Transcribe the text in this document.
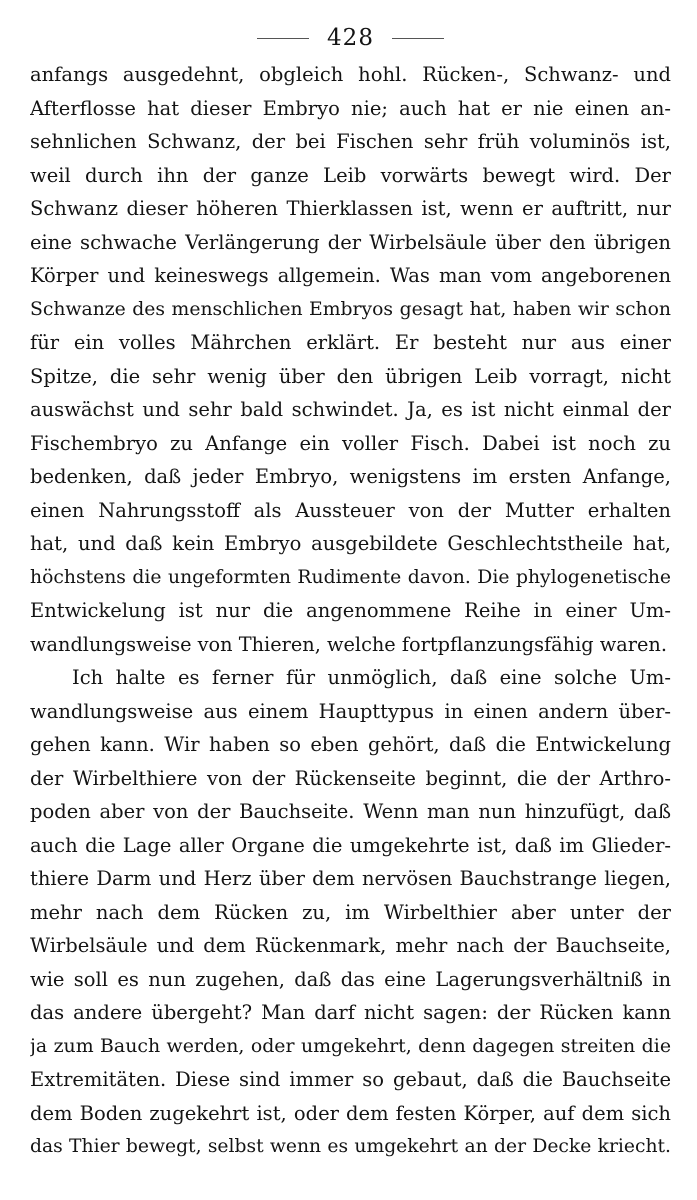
428
anfangs ausgedehnt, obgleich hohl. Rücken-, Schwanz- und
Afterflosse hat dieser Embryo nie; auch hat er nie einen an-
sehnlichen Schwanz, der bei Fischen sehr früh voluminös ist,
weil durch ihn der ganze Leib vorwärts bewegt wird. Der
Schwanz dieser höheren Thierklassen ist, wenn er auftritt, nur
eine schwache Verlängerung der Wirbelsäule über den übrigen
Körper und keineswegs allgemein. Was man vom angeborenen
Schwanze des menschlichen Embryos gesagt hat, haben wir schon
für ein volles Mährchen erklärt. Er besteht nur aus einer
Spitze, die sehr wenig über den übrigen Leib vorragt, nicht
auswächst und sehr bald schwindet. Ja, es ist nicht einmal der
Fischembryo zu Anfange ein voller Fisch. Dabei ist noch zu
bedenken, daß jeder Embryo, wenigstens im ersten Anfange,
einen Nahrungsstoff als Aussteuer von der Mutter erhalten
hat, und daß kein Embryo ausgebildete Geschlechtstheile hat,
höchstens die ungeformten Rudimente davon. Die phylogenetische
Entwickelung ist nur die angenommene Reihe in einer Um-
wandlungsweise von Thieren, welche fortpflanzungsfähig waren.
Ich halte es ferner für unmöglich, daß eine solche Um-
wandlungsweise aus einem Haupttypus in einen andern über-
gehen kann. Wir haben so eben gehört, daß die Entwickelung
der Wirbelthiere von der Rückenseite beginnt, die der Arthro-
poden aber von der Bauchseite. Wenn man nun hinzufügt, daß
auch die Lage aller Organe die umgekehrte ist, daß im Glieder-
thiere Darm und Herz über dem nervösen Bauchstrange liegen,
mehr nach dem Rücken zu, im Wirbelthier aber unter der
Wirbelsäule und dem Rückenmark, mehr nach der Bauchseite,
wie soll es nun zugehen, daß das eine Lagerungsverhältniß in
das andere übergeht? Man darf nicht sagen: der Rücken kann
ja zum Bauch werden, oder umgekehrt, denn dagegen streiten die
Extremitäten. Diese sind immer so gebaut, daß die Bauchseite
dem Boden zugekehrt ist, oder dem festen Körper, auf dem sich
das Thier bewegt, selbst wenn es umgekehrt an der Decke kriecht.
